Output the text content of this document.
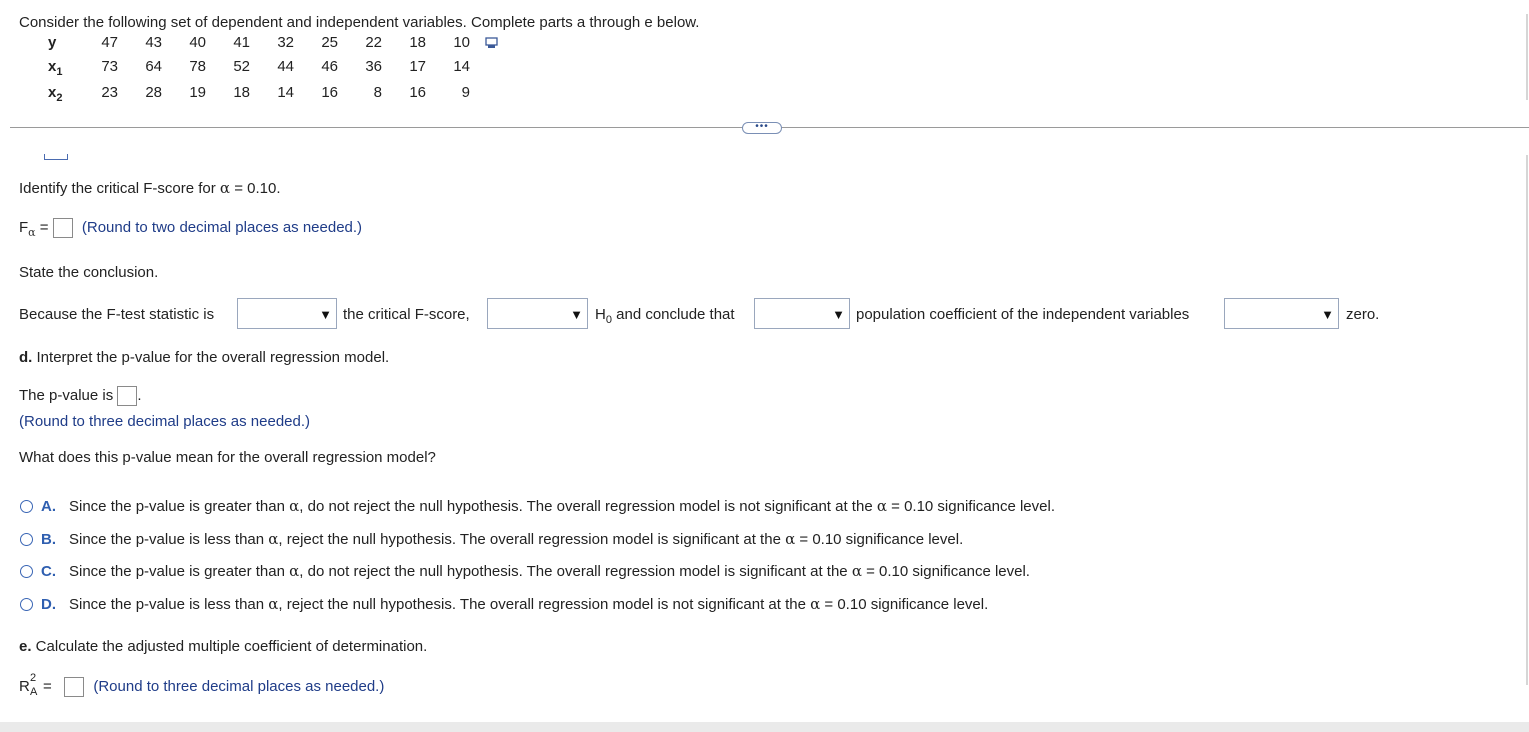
Consider the following set of dependent and independent variables. Complete parts a through e below.
y	47	43	40	41	32	25	22	18	10
$x_1$	73	64	78	52	44	46	36	17	14
$x_2$	23	28	19	18	14	16	8	16	9
•••
Identify the critical F-score for α = 0.10.
$F_\alpha$ = (Round to two decimal places as needed.)
State the conclusion.
Because the F-test statistic is	▼ the critical F-score,	▼ $H_0$ and conclude that	▼ population coefficient of the independent variables	▼ zero.
d. Interpret the p-value for the overall regression model.
The p-value is .
(Round to three decimal places as needed.)
What does this p-value mean for the overall regression model?
A. Since the p-value is greater than α, do not reject the null hypothesis. The overall regression model is not significant at the α = 0.10 significance level.
B. Since the p-value is less than α, reject the null hypothesis. The overall regression model is significant at the α = 0.10 significance level.
C. Since the p-value is greater than α, do not reject the null hypothesis. The overall regression model is significant at the α = 0.10 significance level.
D. Since the p-value is less than α, reject the null hypothesis. The overall regression model is not significant at the α = 0.10 significance level.
e. Calculate the adjusted multiple coefficient of determination.
R 2
A =	(Round to three decimal places as needed.)
